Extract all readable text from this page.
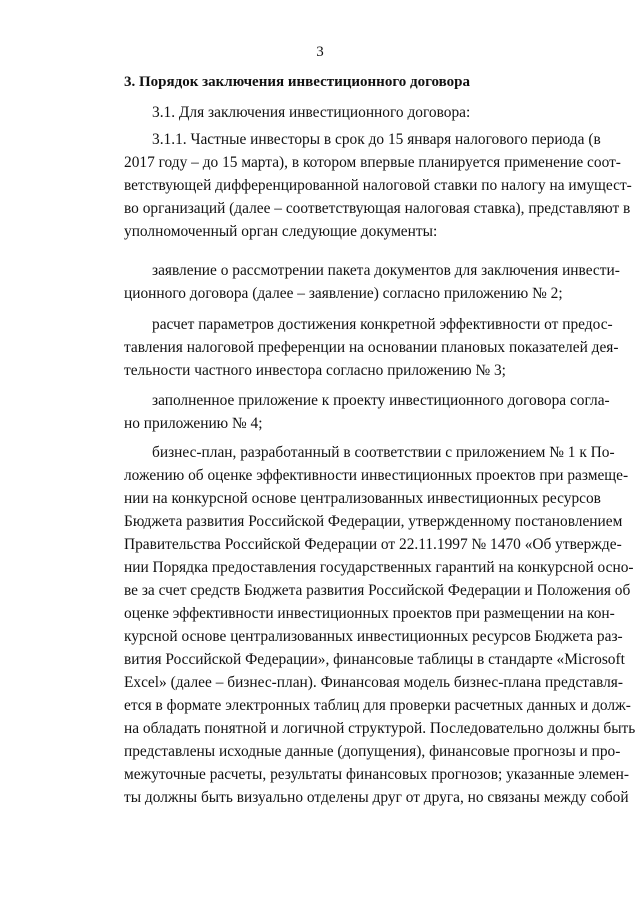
3
3. Порядок заключения инвестиционного договора
3.1. Для заключения инвестиционного договора:
3.1.1. Частные инвесторы в срок до 15 января налогового периода (в
2017 году – до 15 марта), в котором впервые планируется применение соот-
ветствующей дифференцированной налоговой ставки по налогу на имущест-
во организаций (далее – соответствующая налоговая ставка), представляют в
уполномоченный орган следующие документы:
заявление о рассмотрении пакета документов для заключения инвести-
ционного договора (далее – заявление) согласно приложению № 2;
расчет параметров достижения конкретной эффективности от предос-
тавления налоговой преференции на основании плановых показателей дея-
тельности частного инвестора согласно приложению № 3;
заполненное приложение к проекту инвестиционного договора согла-
но приложению № 4;
бизнес-план, разработанный в соответствии с приложением № 1 к По-
ложению об оценке эффективности инвестиционных проектов при размеще-
нии на конкурсной основе централизованных инвестиционных ресурсов
Бюджета развития Российской Федерации, утвержденному постановлением
Правительства Российской Федерации от 22.11.1997 № 1470 «Об утвержде-
нии Порядка предоставления государственных гарантий на конкурсной осно-
ве за счет средств Бюджета развития Российской Федерации и Положения об
оценке эффективности инвестиционных проектов при размещении на кон-
курсной основе централизованных инвестиционных ресурсов Бюджета раз-
вития Российской Федерации», финансовые таблицы в стандарте «Microsoft
Excel» (далее – бизнес-план). Финансовая модель бизнес-плана представля-
ется в формате электронных таблиц для проверки расчетных данных и долж-
на обладать понятной и логичной структурой. Последовательно должны быть
представлены исходные данные (допущения), финансовые прогнозы и про-
межуточные расчеты, результаты финансовых прогнозов; указанные элемен-
ты должны быть визуально отделены друг от друга, но связаны между собой
